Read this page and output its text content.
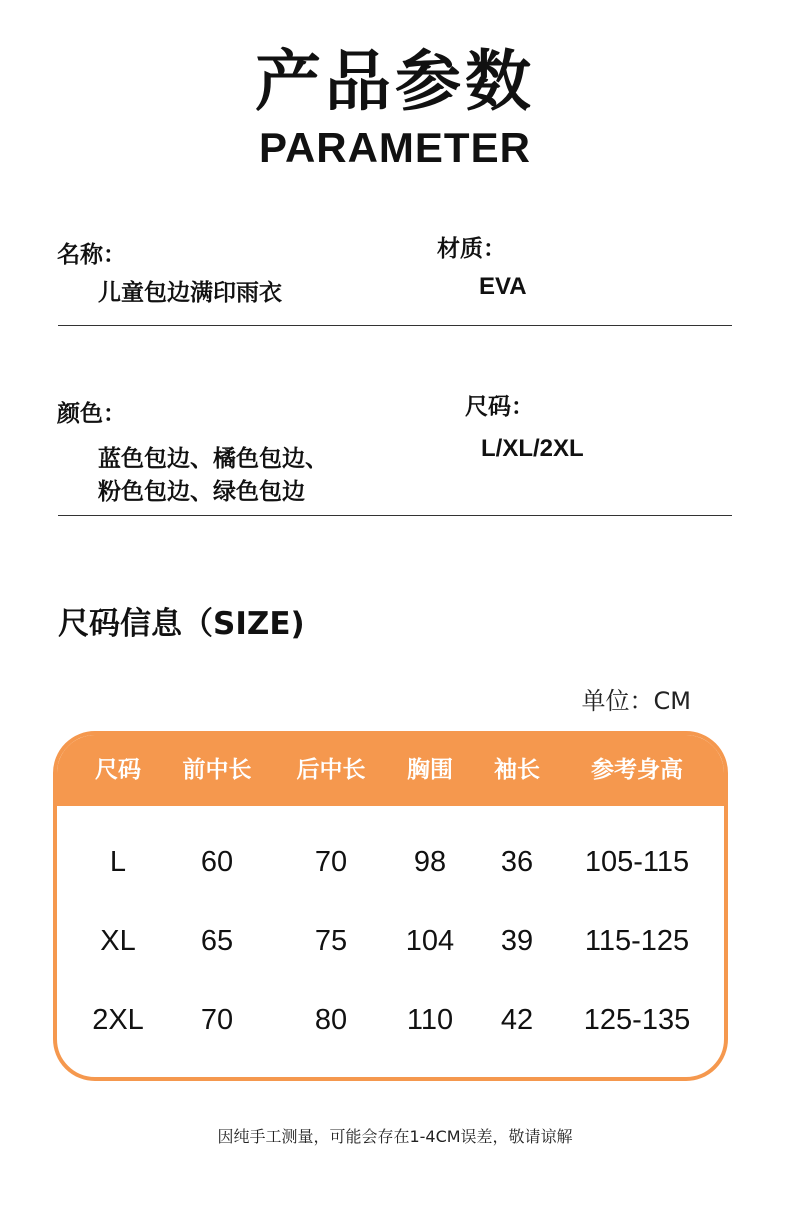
产品参数
PARAMETER
名称：
儿童包边满印雨衣
材质：
EVA
颜色：
蓝色包边、橘色包边、
粉色包边、绿色包边
尺码：
L/XL/2XL
尺码信息（SIZE)
单位：CM
尺码 前中长 后中长 胸围 袖长 参考身高
L	60	70 98 36 105-115
XL 65	75 104 39 115-125
2XL 70	80 110 42 125-135
因纯手工测量，可能会存在1-4CM误差，敬请谅解
